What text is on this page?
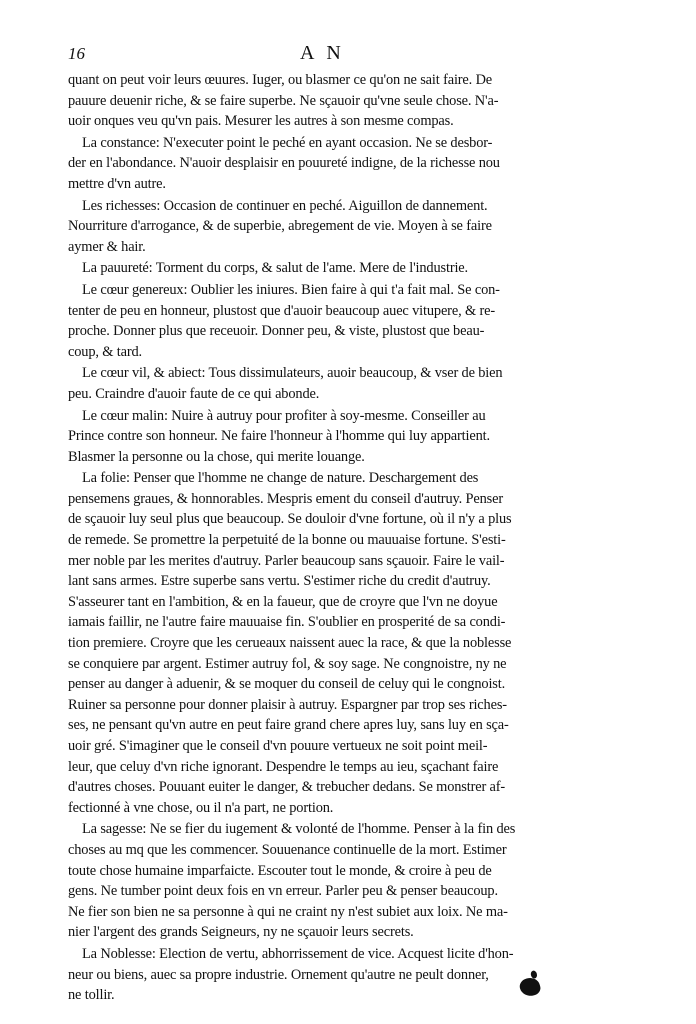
16	A N
quant on peut voir leurs œuures. Iuger, ou blasmer ce qu'on ne sait faire. De
pauure deuenir riche, & se faire superbe. Ne sçauoir qu'vne seule chose. N'a-
uoir onques veu qu'vn pais. Mesurer les autres à son mesme compas.
La constance: N'executer point le peché en ayant occasion. Ne se desbor-
der en l'abondance. N'auoir desplaisir en pouureté indigne, de la richesse nou
mettre d'vn autre.
Les richesses: Occasion de continuer en peché. Aiguillon de dannement.
Nourriture d'arrogance, & de superbie, abregement de vie. Moyen à se faire
aymer & hair.
La pauureté: Torment du corps, & salut de l'ame. Mere de l'industrie.
Le cœur genereux: Oublier les iniures. Bien faire à qui t'a fait mal. Se con-
tenter de peu en honneur, plustost que d'auoir beaucoup auec vitupere, & re-
proche. Donner plus que receuoir. Donner peu, & viste, plustost que beau-
coup, & tard.
Le cœur vil, & abiect: Tous dissimulateurs, auoir beaucoup, & vser de bien
peu. Craindre d'auoir faute de ce qui abonde.
Le cœur malin: Nuire à autruy pour profiter à soy-mesme. Conseiller au
Prince contre son honneur. Ne faire l'honneur à l'homme qui luy appartient.
Blasmer la personne ou la chose, qui merite louange.
La folie: Penser que l'homme ne change de nature. Deschargement des
pensemens graues, & honnorables. Mespris ement du conseil d'autruy. Penser
de sçauoir luy seul plus que beaucoup. Se douloir d'vne fortune, où il n'y a plus
de remede. Se promettre la perpetuité de la bonne ou mauuaise fortune. S'esti-
mer noble par les merites d'autruy. Parler beaucoup sans sçauoir. Faire le vail-
lant sans armes. Estre superbe sans vertu. S'estimer riche du credit d'autruy.
S'asseurer tant en l'ambition, & en la faueur, que de croyre que l'vn ne doyue
iamais faillir, ne l'autre faire mauuaise fin. S'oublier en prosperité de sa condi-
tion premiere. Croyre que les cerueaux naissent auec la race, & que la noblesse
se conquiere par argent. Estimer autruy fol, & soy sage. Ne congnoistre, ny ne
penser au danger à aduenir, & se moquer du conseil de celuy qui le congnoist.
Ruiner sa personne pour donner plaisir à autruy. Espargner par trop ses riches-
ses, ne pensant qu'vn autre en peut faire grand chere apres luy, sans luy en sça-
uoir gré. S'imaginer que le conseil d'vn pouure vertueux ne soit point meil-
leur, que celuy d'vn riche ignorant. Despendre le temps au ieu, sçachant faire
d'autres choses. Pouuant euiter le danger, & trebucher dedans. Se monstrer af-
fectionné à vne chose, ou il n'a part, ne portion.
La sagesse: Ne se fier du iugement & volonté de l'homme. Penser à la fin des
choses au mq que les commencer. Souuenance continuelle de la mort. Estimer
toute chose humaine imparfaicte. Escouter tout le monde, & croire à peu de
gens. Ne tumber point deux fois en vn erreur. Parler peu & penser beaucoup.
Ne fier son bien ne sa personne à qui ne craint ny n'est subiet aux loix. Ne ma-
nier l'argent des grands Seigneurs, ny ne sçauoir leurs secrets.
La Noblesse: Election de vertu, abhorrissement de vice. Acquest licite d'hon-
neur ou biens, auec sa propre industrie. Ornement qu'autre ne peult donner,
ne tollir.
